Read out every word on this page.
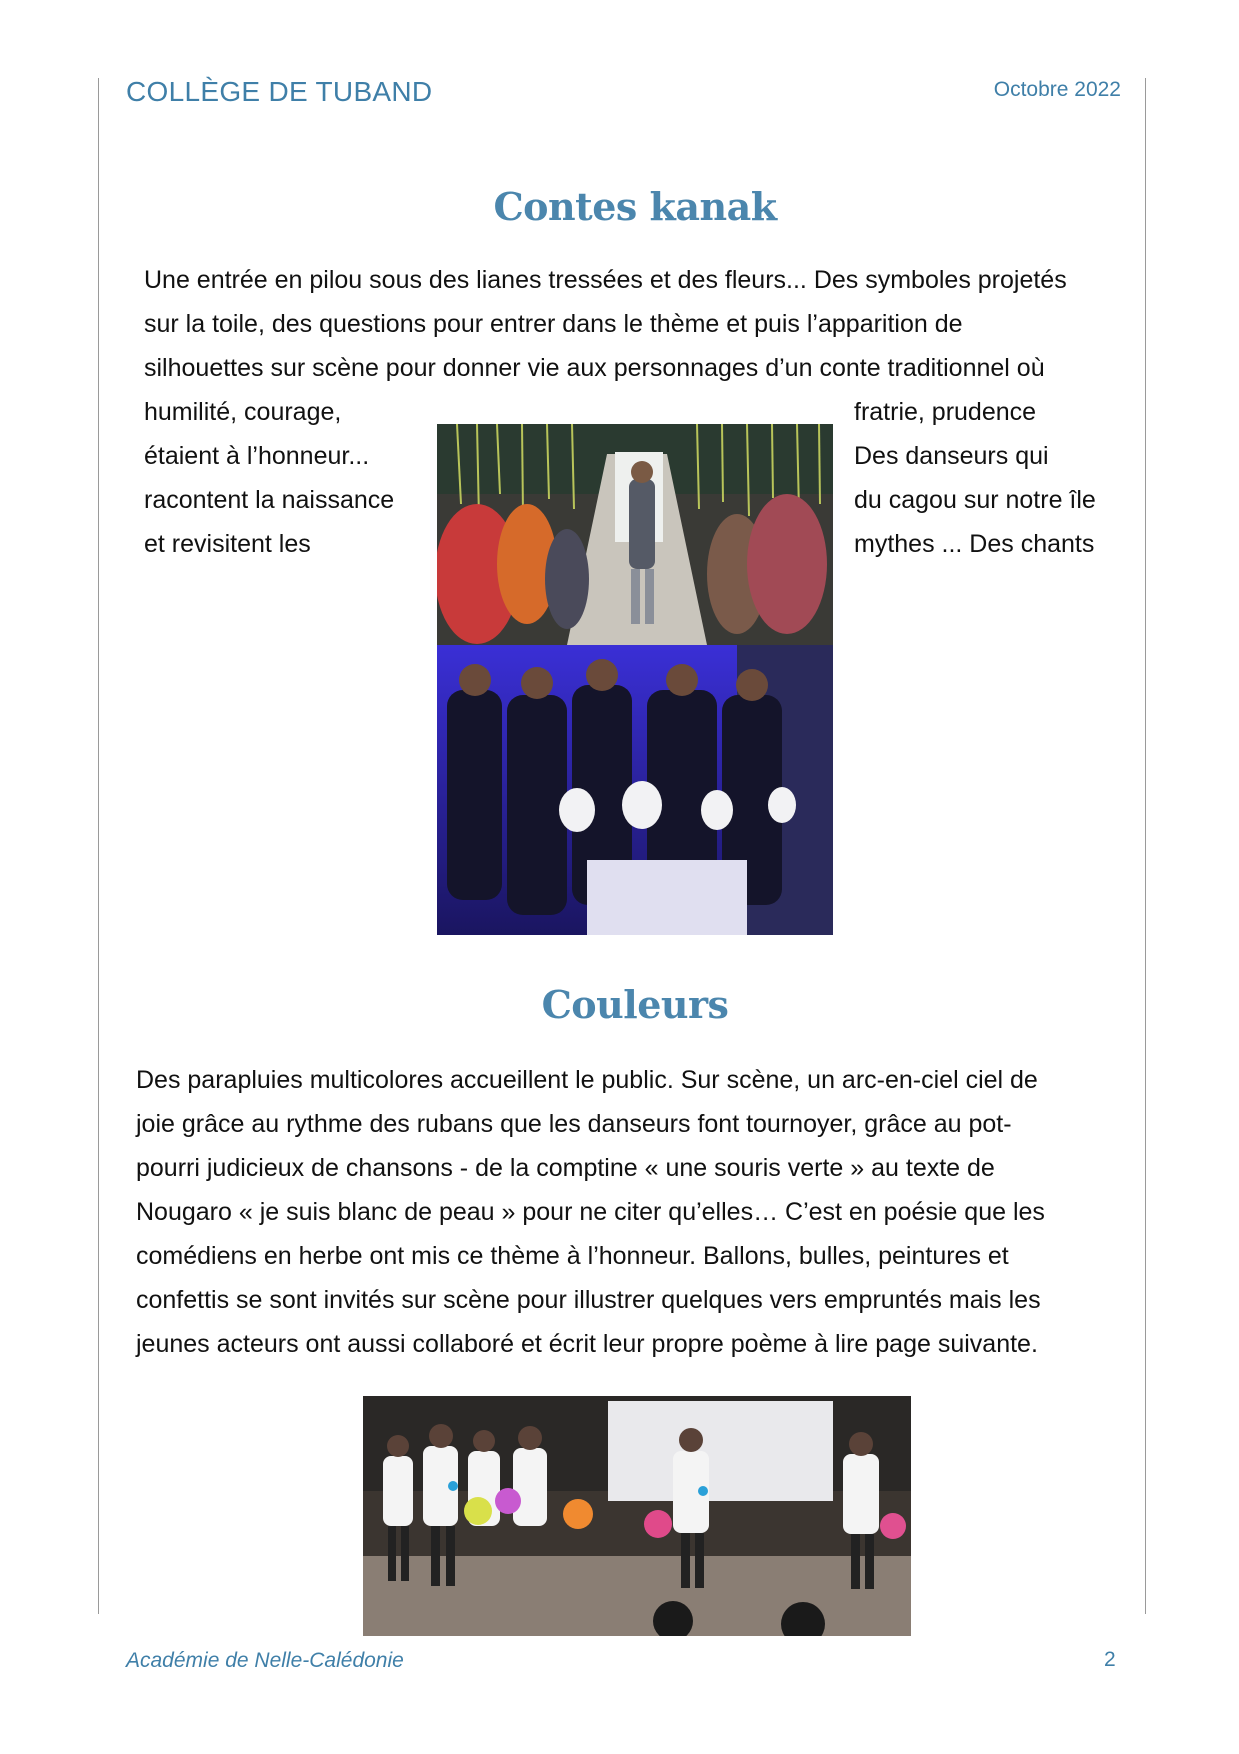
COLLÈGE DE TUBAND	Octobre 2022
Contes kanak
Une entrée en pilou sous des lianes tressées et des fleurs... Des symboles projetés
sur la toile, des questions pour entrer dans le thème et puis l’apparition de
silhouettes sur scène pour donner vie aux personnages d’un conte traditionnel où
humilité, courage,
étaient à l’honneur...
racontent la naissance
et revisitent les
fratrie, prudence
Des danseurs qui
du cagou sur notre île
mythes ... Des chants
Couleurs
Des parapluies multicolores accueillent le public. Sur scène, un arc-en-ciel ciel de
joie grâce au rythme des rubans que les danseurs font tournoyer, grâce au pot-
pourri judicieux de chansons - de la comptine « une souris verte » au texte de
Nougaro « je suis blanc de peau » pour ne citer qu’elles… C’est en poésie que les
comédiens en herbe ont mis ce thème à l’honneur. Ballons, bulles, peintures et
confettis se sont invités sur scène pour illustrer quelques vers empruntés mais les
jeunes acteurs ont aussi collaboré et écrit leur propre poème à lire page suivante.
Académie de Nelle-Calédonie	2
